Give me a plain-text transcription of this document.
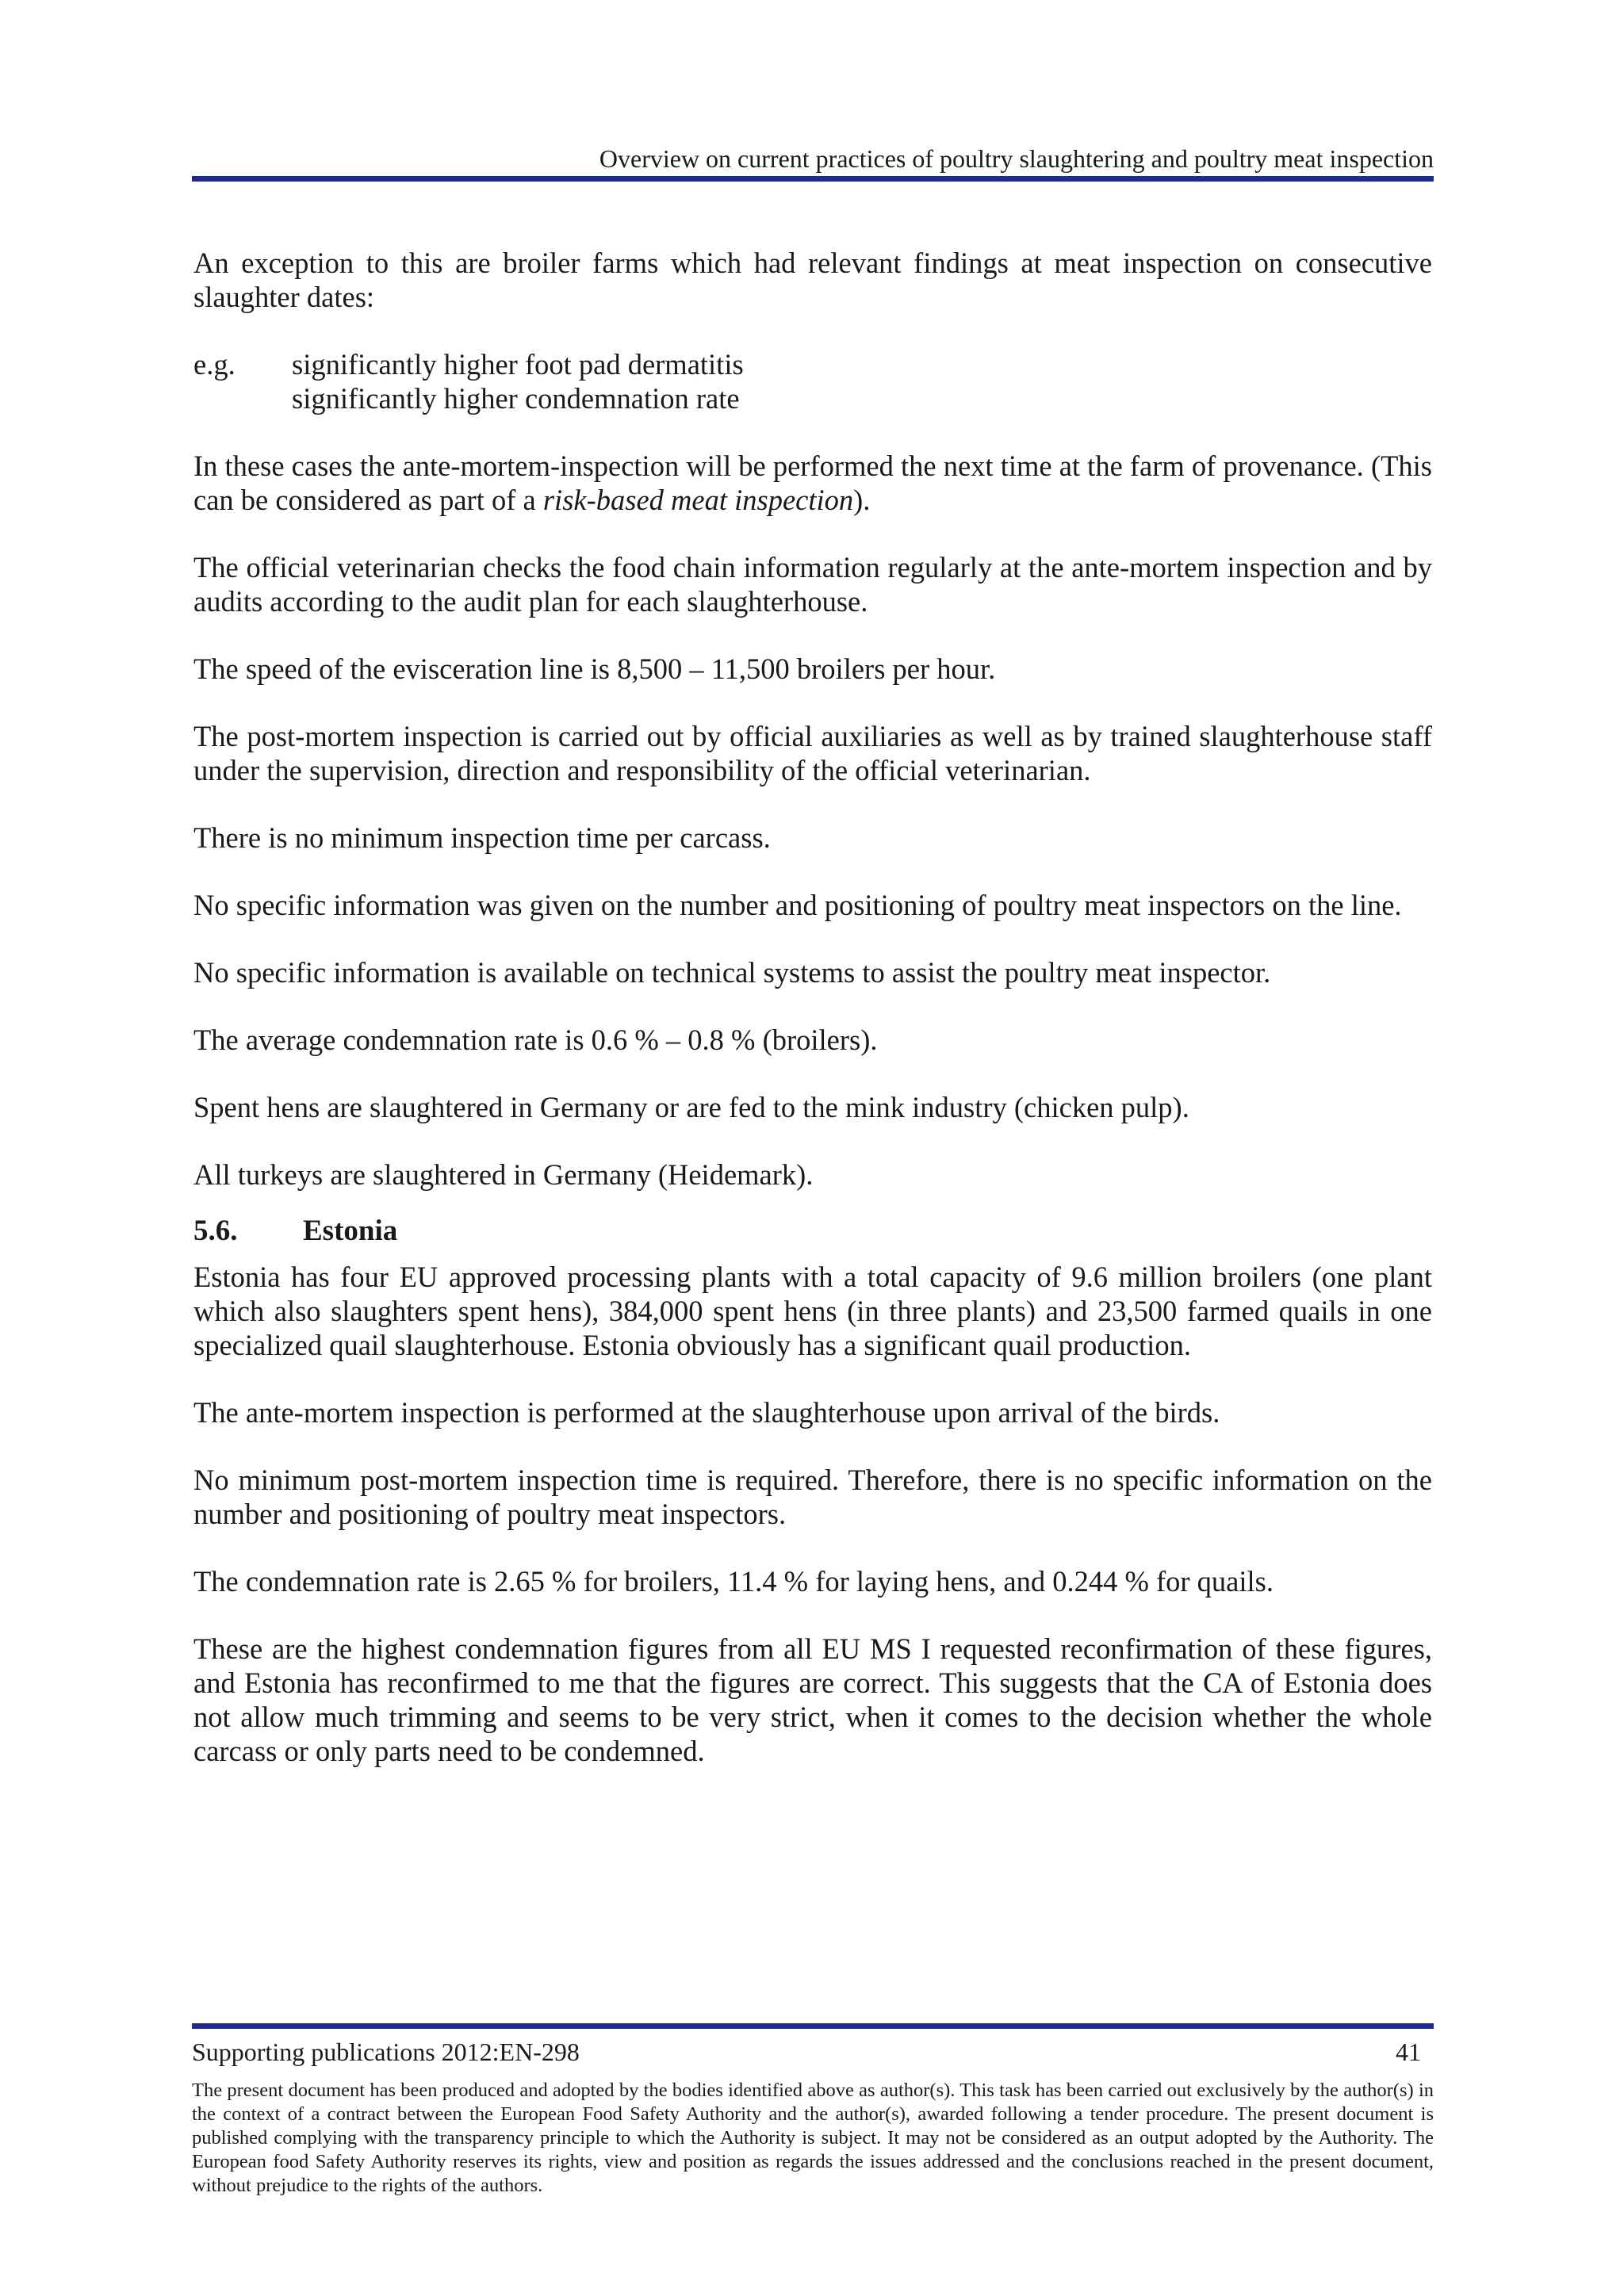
Overview on current practices of poultry slaughtering and poultry meat inspection

An exception to this are broiler farms which had relevant findings at meat inspection on consecutive slaughter dates:

e.g.	significantly higher foot pad dermatitis
significantly higher condemnation rate

In these cases the ante-mortem-inspection will be performed the next time at the farm of provenance. (This can be considered as part of a risk-based meat inspection).

The official veterinarian checks the food chain information regularly at the ante-mortem inspection and by audits according to the audit plan for each slaughterhouse.

The speed of the evisceration line is 8,500 – 11,500 broilers per hour.

The post-mortem inspection is carried out by official auxiliaries as well as by trained slaughterhouse staff under the supervision, direction and responsibility of the official veterinarian.

There is no minimum inspection time per carcass.

No specific information was given on the number and positioning of poultry meat inspectors on the line.

No specific information is available on technical systems to assist the poultry meat inspector.

The average condemnation rate is 0.6 % – 0.8 % (broilers).

Spent hens are slaughtered in Germany or are fed to the mink industry (chicken pulp).

All turkeys are slaughtered in Germany (Heidemark).

5.6.	Estonia

Estonia has four EU approved processing plants with a total capacity of 9.6 million broilers (one plant which also slaughters spent hens), 384,000 spent hens (in three plants) and 23,500 farmed quails in one specialized quail slaughterhouse. Estonia obviously has a significant quail production.

The ante-mortem inspection is performed at the slaughterhouse upon arrival of the birds.

No minimum post-mortem inspection time is required. Therefore, there is no specific information on the number and positioning of poultry meat inspectors.

The condemnation rate is 2.65 % for broilers, 11.4 % for laying hens, and 0.244 % for quails.

These are the highest condemnation figures from all EU MS I requested reconfirmation of these figures, and Estonia has reconfirmed to me that the figures are correct. This suggests that the CA of Estonia does not allow much trimming and seems to be very strict, when it comes to the decision whether the whole carcass or only parts need to be condemned.

Supporting publications 2012:EN-298	41
The present document has been produced and adopted by the bodies identified above as author(s). This task has been carried out exclusively by the author(s) in the context of a contract between the European Food Safety Authority and the author(s), awarded following a tender procedure. The present document is published complying with the transparency principle to which the Authority is subject. It may not be considered as an output adopted by the Authority. The European food Safety Authority reserves its rights, view and position as regards the issues addressed and the conclusions reached in the present document, without prejudice to the rights of the authors.
